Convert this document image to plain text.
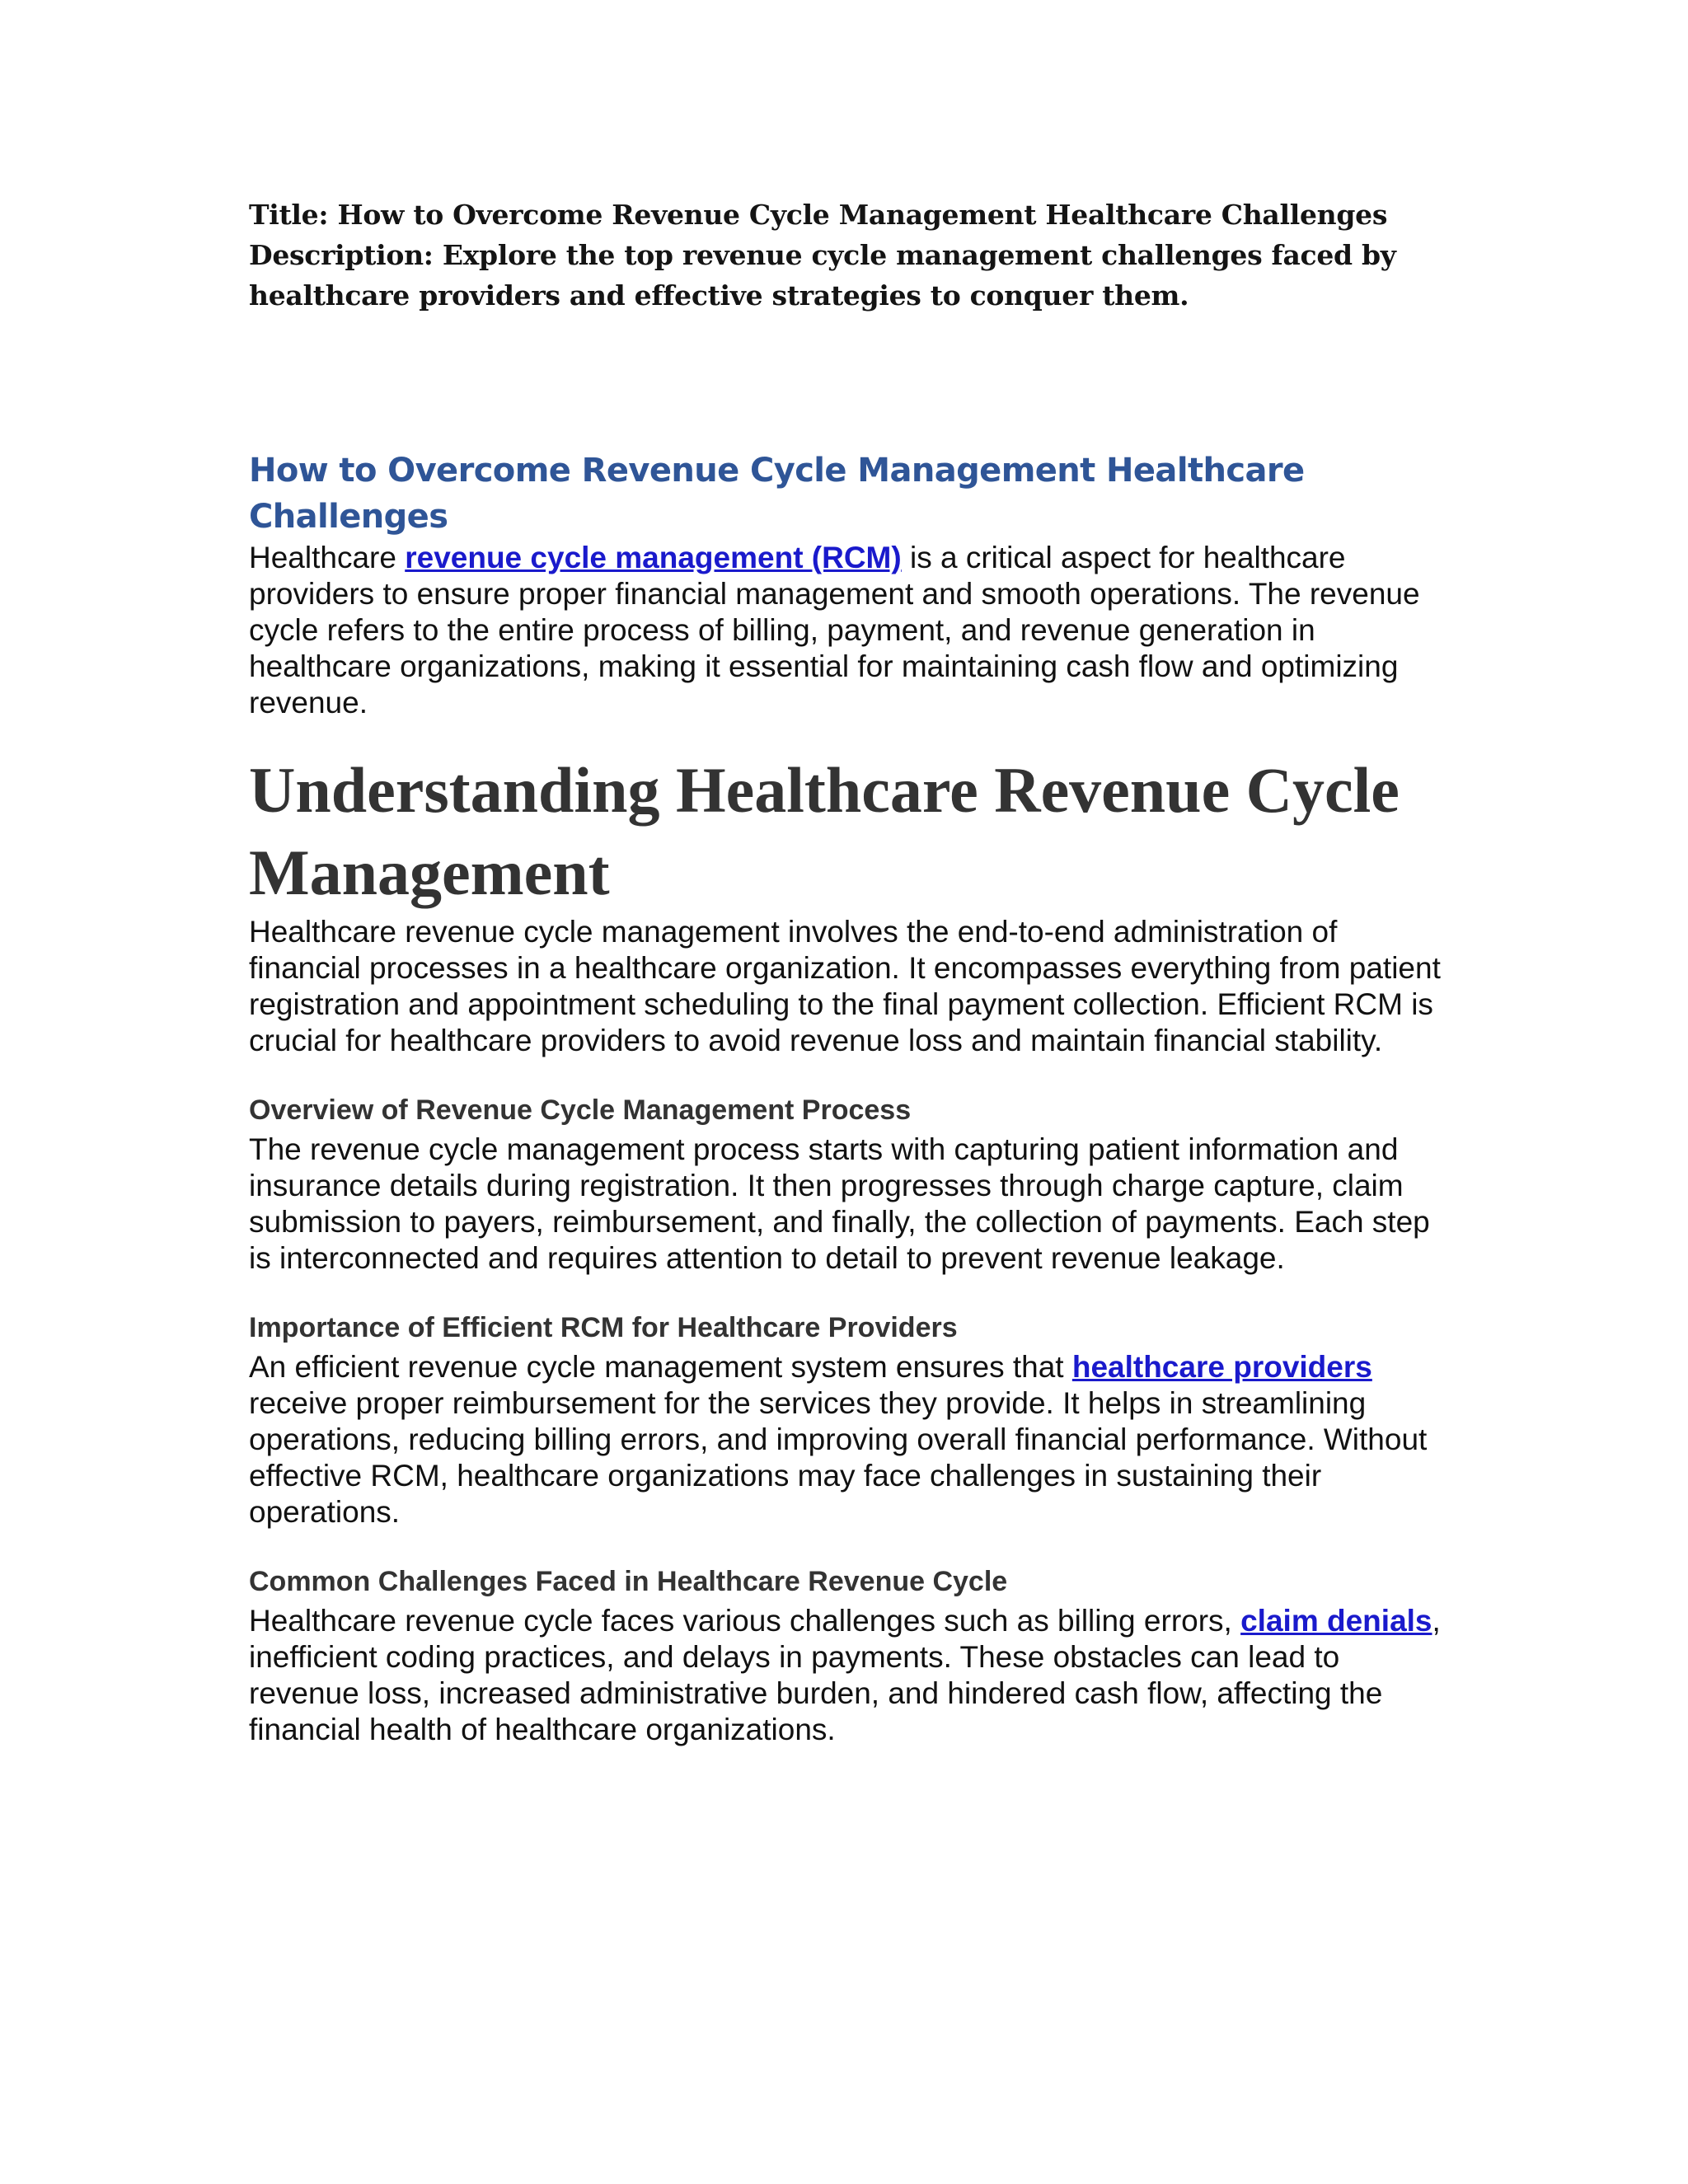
Title: How to Overcome Revenue Cycle Management Healthcare Challenges

Description: Explore the top revenue cycle management challenges faced by healthcare providers and effective strategies to conquer them.

How to Overcome Revenue Cycle Management Healthcare Challenges

Healthcare revenue cycle management (RCM) is a critical aspect for healthcare providers to ensure proper financial management and smooth operations. The revenue cycle refers to the entire process of billing, payment, and revenue generation in healthcare organizations, making it essential for maintaining cash flow and optimizing revenue.

Understanding Healthcare Revenue Cycle Management

Healthcare revenue cycle management involves the end-to-end administration of financial processes in a healthcare organization. It encompasses everything from patient registration and appointment scheduling to the final payment collection. Efficient RCM is crucial for healthcare providers to avoid revenue loss and maintain financial stability.

Overview of Revenue Cycle Management Process

The revenue cycle management process starts with capturing patient information and insurance details during registration. It then progresses through charge capture, claim submission to payers, reimbursement, and finally, the collection of payments. Each step is interconnected and requires attention to detail to prevent revenue leakage.

Importance of Efficient RCM for Healthcare Providers

An efficient revenue cycle management system ensures that healthcare providers receive proper reimbursement for the services they provide. It helps in streamlining operations, reducing billing errors, and improving overall financial performance. Without effective RCM, healthcare organizations may face challenges in sustaining their operations.

Common Challenges Faced in Healthcare Revenue Cycle

Healthcare revenue cycle faces various challenges such as billing errors, claim denials, inefficient coding practices, and delays in payments. These obstacles can lead to revenue loss, increased administrative burden, and hindered cash flow, affecting the financial health of healthcare organizations.
